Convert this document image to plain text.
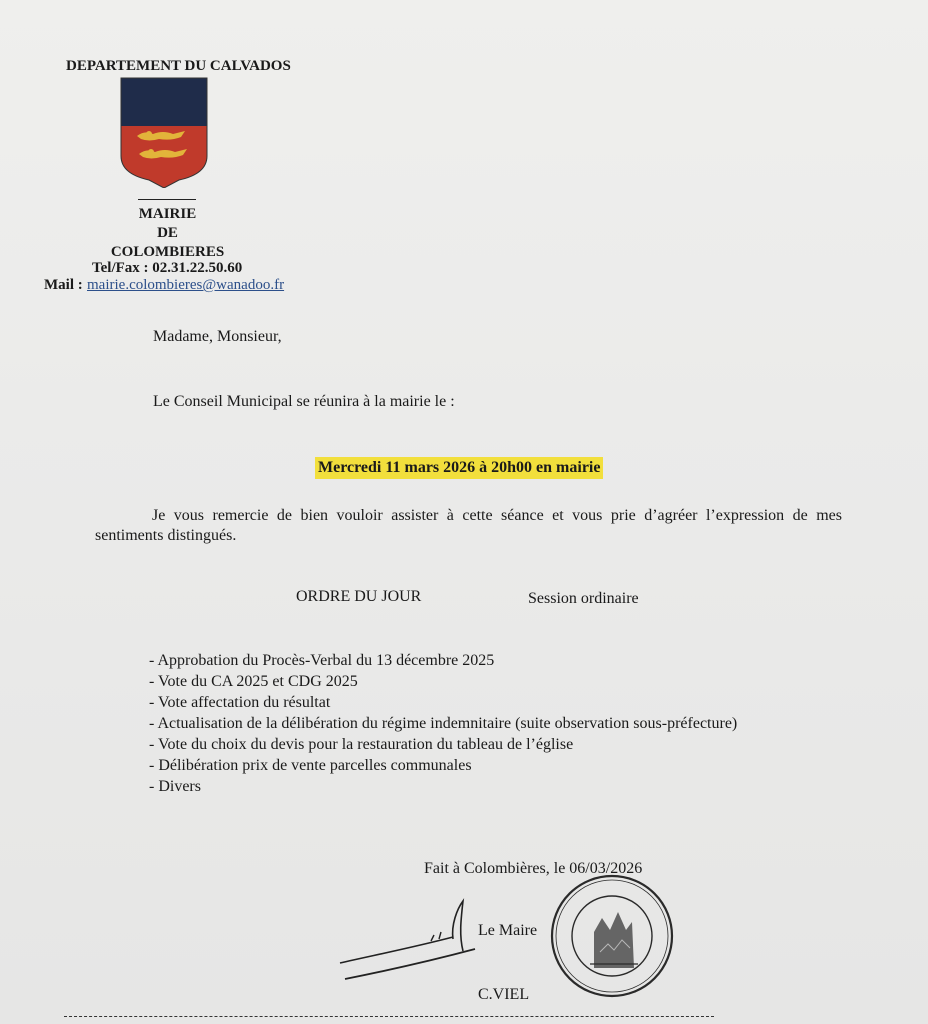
DEPARTEMENT DU CALVADOS
MAIRIE
DE
COLOMBIERES
Tel/Fax : 02.31.22.50.60
Mail : mairie.colombieres@wanadoo.fr
Madame, Monsieur,
Le Conseil Municipal se réunira à la mairie le :
Mercredi 11 mars 2026 à 20h00 en mairie
Je vous remercie de bien vouloir assister à cette séance et vous prie d’agréer l’expression de mes
sentiments distingués.
ORDRE DU JOUR	Session ordinaire
- Approbation du Procès-Verbal du 13 décembre 2025
- Vote du CA 2025 et CDG 2025
- Vote affectation du résultat
- Actualisation de la délibération du régime indemnitaire (suite observation sous-préfecture)
- Vote du choix du devis pour la restauration du tableau de l’église
- Délibération prix de vente parcelles communales
- Divers
Fait à Colombières, le 06/03/2026
Le Maire
C.VIEL
